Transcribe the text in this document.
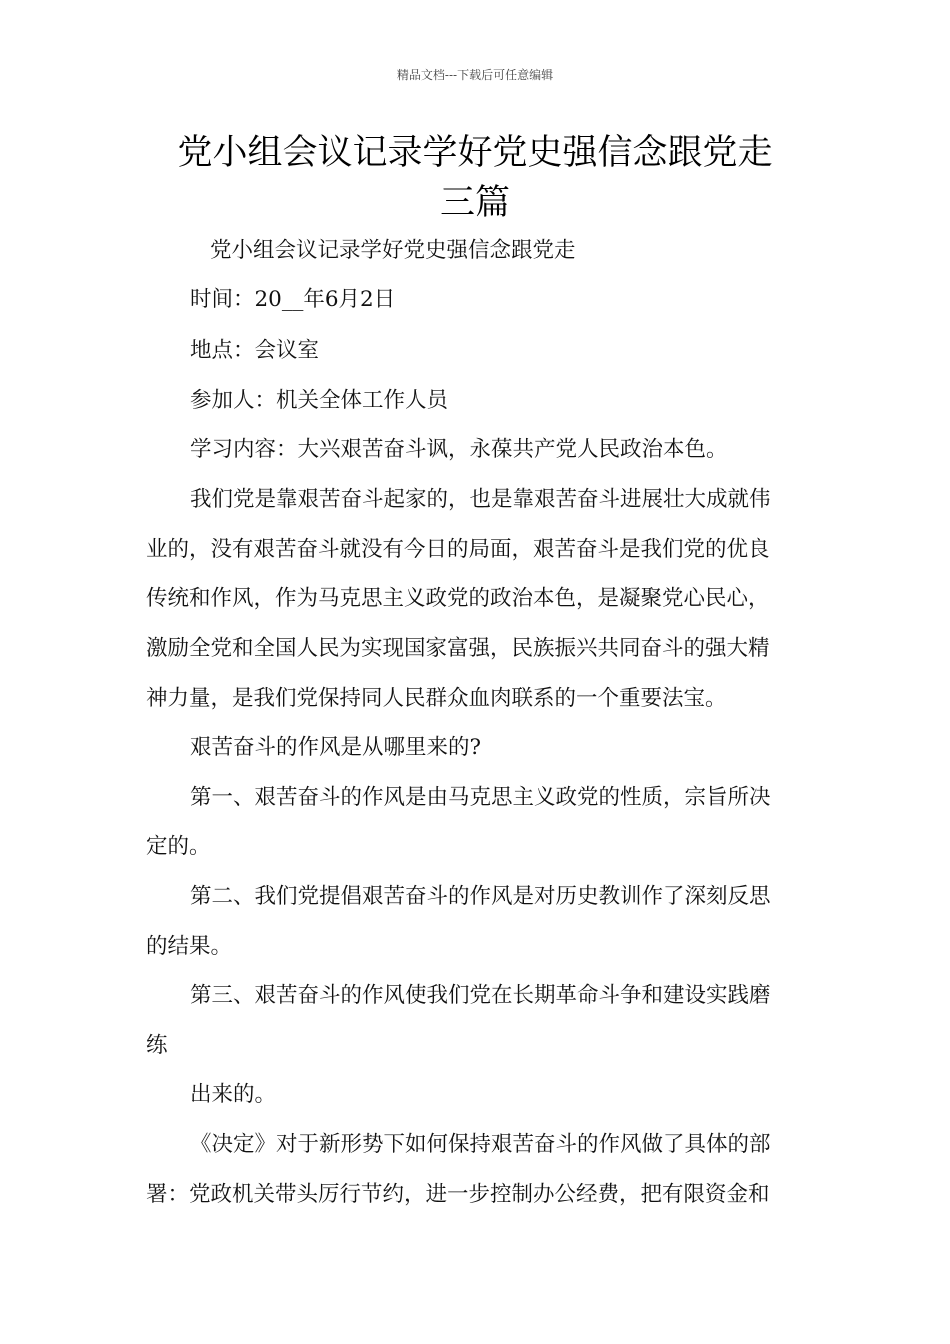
精品文档---下载后可任意编辑
党小组会议记录学好党史强信念跟党走
三篇
党小组会议记录学好党史强信念跟党走
时间：20__年6月2日
地点：会议室
参加人：机关全体工作人员
学习内容：大兴艰苦奋斗讽，永葆共产党人民政治本色。
我们党是靠艰苦奋斗起家的，也是靠艰苦奋斗进展壮大成就伟
业的，没有艰苦奋斗就没有今日的局面，艰苦奋斗是我们党的优良
传统和作风，作为马克思主义政党的政治本色，是凝聚党心民心，
激励全党和全国人民为实现国家富强，民族振兴共同奋斗的强大精
神力量，是我们党保持同人民群众血肉联系的一个重要法宝。
艰苦奋斗的作风是从哪里来的?
第一、艰苦奋斗的作风是由马克思主义政党的性质，宗旨所决
定的。
第二、我们党提倡艰苦奋斗的作风是对历史教训作了深刻反思
的结果。
第三、艰苦奋斗的作风使我们党在长期革命斗争和建设实践磨
练
出来的。
《决定》对于新形势下如何保持艰苦奋斗的作风做了具体的部
署：党政机关带头厉行节约，进一步控制办公经费，把有限资金和
